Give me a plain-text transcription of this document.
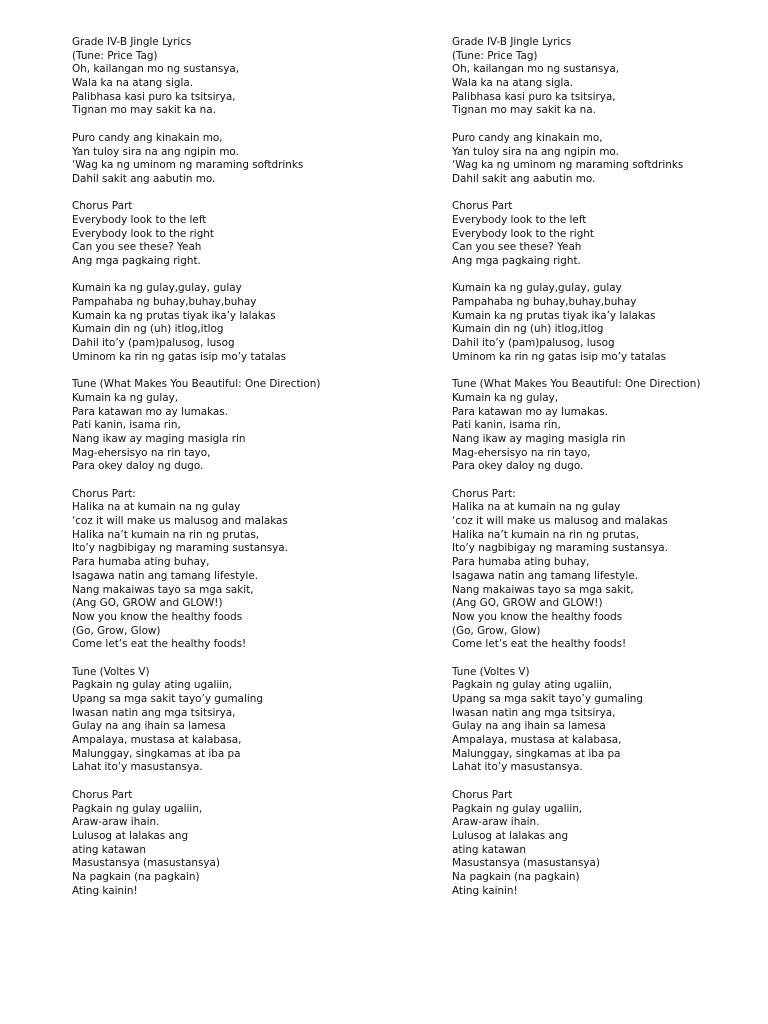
Grade IV-B Jingle Lyrics
(Tune: Price Tag)
Oh, kailangan mo ng sustansya,
Wala ka na atang sigla.
Palibhasa kasi puro ka tsitsirya,
Tignan mo may sakit ka na.
Puro candy ang kinakain mo,
Yan tuloy sira na ang ngipin mo.
‘Wag ka ng uminom ng maraming softdrinks
Dahil sakit ang aabutin mo.
Chorus Part
Everybody look to the left
Everybody look to the right
Can you see these? Yeah
Ang mga pagkaing right.
Kumain ka ng gulay,gulay, gulay
Pampahaba ng buhay,buhay,buhay
Kumain ka ng prutas tiyak ika’y lalakas
Kumain din ng (uh) itlog,itlog
Dahil ito’y (pam)palusog, lusog
Uminom ka rin ng gatas isip mo’y tatalas
Tune (What Makes You Beautiful: One Direction)
Kumain ka ng gulay,
Para katawan mo ay lumakas.
Pati kanin, isama rin,
Nang ikaw ay maging masigla rin
Mag-ehersisyo na rin tayo,
Para okey daloy ng dugo.
Chorus Part:
Halika na at kumain na ng gulay
‘coz it will make us malusog and malakas
Halika na’t kumain na rin ng prutas,
Ito’y nagbibigay ng maraming sustansya.
Para humaba ating buhay,
Isagawa natin ang tamang lifestyle.
Nang makaiwas tayo sa mga sakit,
(Ang GO, GROW and GLOW!)
Now you know the healthy foods
(Go, Grow, Glow)
Come let’s eat the healthy foods!
Tune (Voltes V)
Pagkain ng gulay ating ugaliin,
Upang sa mga sakit tayo’y gumaling
Iwasan natin ang mga tsitsirya,
Gulay na ang ihain sa lamesa
Ampalaya, mustasa at kalabasa,
Malunggay, singkamas at iba pa
Lahat ito’y masustansya.
Chorus Part
Pagkain ng gulay ugaliin,
Araw-araw ihain.
Lulusog at lalakas ang
ating katawan
Masustansya (masustansya)
Na pagkain (na pagkain)
Ating kainin!
Grade IV-B Jingle Lyrics
(Tune: Price Tag)
Oh, kailangan mo ng sustansya,
Wala ka na atang sigla.
Palibhasa kasi puro ka tsitsirya,
Tignan mo may sakit ka na.
Puro candy ang kinakain mo,
Yan tuloy sira na ang ngipin mo.
‘Wag ka ng uminom ng maraming softdrinks
Dahil sakit ang aabutin mo.
Chorus Part
Everybody look to the left
Everybody look to the right
Can you see these? Yeah
Ang mga pagkaing right.
Kumain ka ng gulay,gulay, gulay
Pampahaba ng buhay,buhay,buhay
Kumain ka ng prutas tiyak ika’y lalakas
Kumain din ng (uh) itlog,itlog
Dahil ito’y (pam)palusog, lusog
Uminom ka rin ng gatas isip mo’y tatalas
Tune (What Makes You Beautiful: One Direction)
Kumain ka ng gulay,
Para katawan mo ay lumakas.
Pati kanin, isama rin,
Nang ikaw ay maging masigla rin
Mag-ehersisyo na rin tayo,
Para okey daloy ng dugo.
Chorus Part:
Halika na at kumain na ng gulay
‘coz it will make us malusog and malakas
Halika na’t kumain na rin ng prutas,
Ito’y nagbibigay ng maraming sustansya.
Para humaba ating buhay,
Isagawa natin ang tamang lifestyle.
Nang makaiwas tayo sa mga sakit,
(Ang GO, GROW and GLOW!)
Now you know the healthy foods
(Go, Grow, Glow)
Come let’s eat the healthy foods!
Tune (Voltes V)
Pagkain ng gulay ating ugaliin,
Upang sa mga sakit tayo’y gumaling
Iwasan natin ang mga tsitsirya,
Gulay na ang ihain sa lamesa
Ampalaya, mustasa at kalabasa,
Malunggay, singkamas at iba pa
Lahat ito’y masustansya.
Chorus Part
Pagkain ng gulay ugaliin,
Araw-araw ihain.
Lulusog at lalakas ang
ating katawan
Masustansya (masustansya)
Na pagkain (na pagkain)
Ating kainin!
